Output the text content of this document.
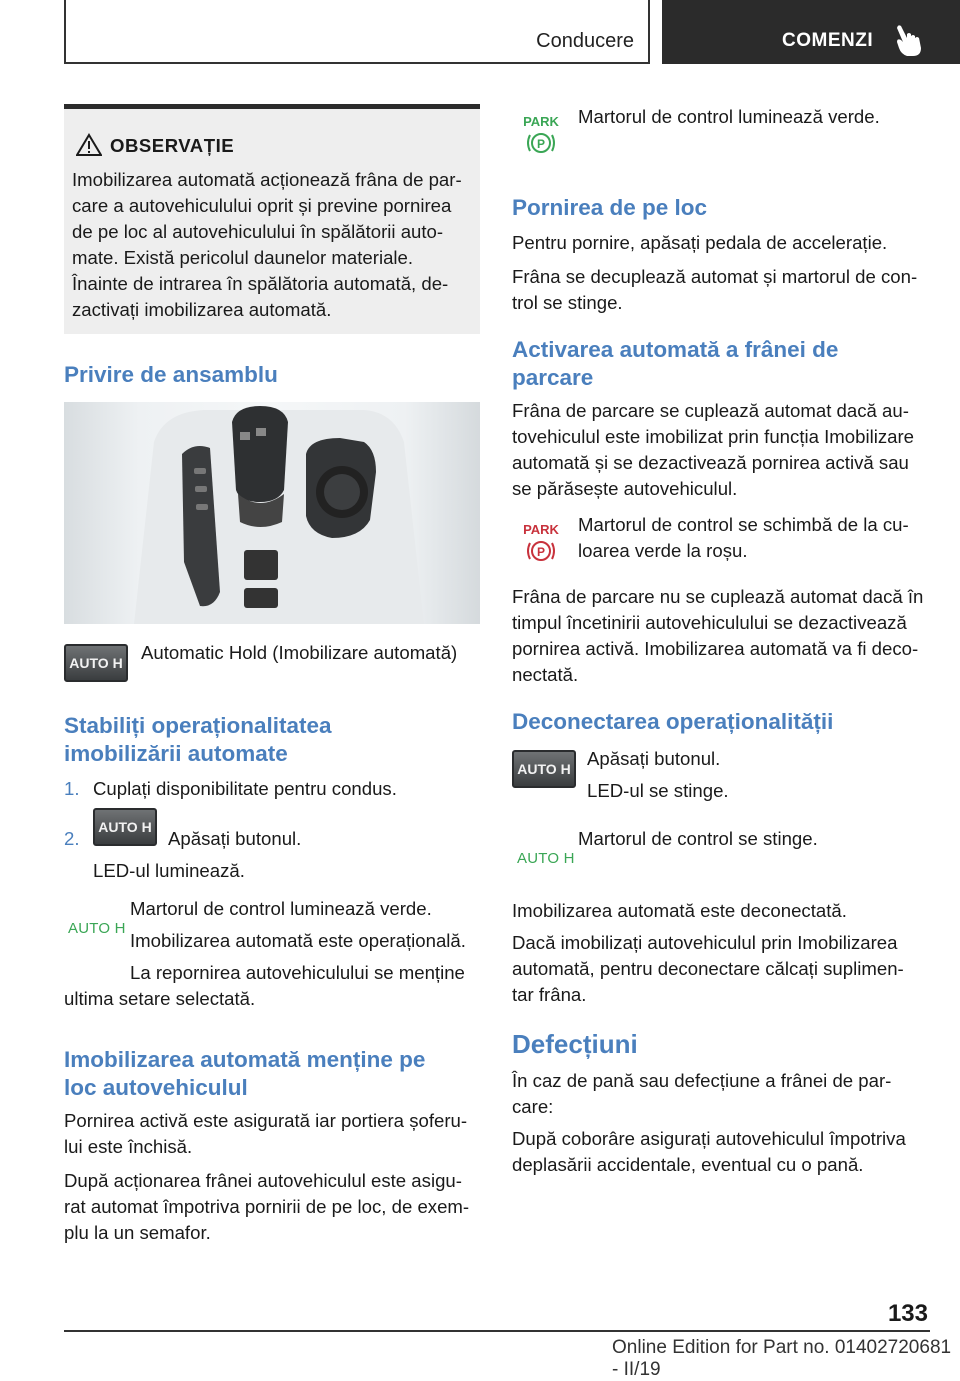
Conducere	COMENZI
OBSERVAȚIE

Imobilizarea automată acționează frâna de par-

care a autovehiculului oprit și previne pornirea

de pe loc al autovehiculului în spălătorii auto-

mate. Există pericolul daunelor materiale.

Înainte de intrarea în spălătoria automată, de-

zactivați imobilizarea automată.

Privire de ansamblu
AUTO H Automatic Hold (Imobilizare automată)

Stabiliți operaționalitatea
imobilizării automate

1. Cuplați disponibilitate pentru condus.

2.

AUTO H

Apăsați butonul.

LED-ul luminează.

AUTO H

Martorul de control luminează verde.

Imobilizarea automată este operațională.

La repornirea autovehiculului se menține

ultima setare selectată.

Imobilizarea automată menține pe
loc autovehiculul

Pornirea activă este asigurată iar portiera șoferu-

lui este închisă.

După acționarea frânei autovehiculul este asigu-

rat automat împotriva pornirii de pe loc, de exem-

plu la un semafor.

PARK
P

Martorul de control luminează verde.

Pornirea de pe loc

Pentru pornire, apăsați pedala de accelerație.

Frâna se decuplează automat și martorul de con-

trol se stinge.

Activarea automată a frânei de
parcare

Frâna de parcare se cuplează automat dacă au-

tovehiculul este imobilizat prin funcția Imobilizare

automată și se dezactivează pornirea activă sau

se părăsește autovehiculul.

PARK
P

Martorul de control se schimbă de la cu-

loarea verde la roșu.

Frâna de parcare nu se cuplează automat dacă în

timpul încetinirii autovehiculului se dezactivează

pornirea activă. Imobilizarea automată va fi deco-

nectată.

Deconectarea operaționalității
AUTO H Apăsați butonul.

LED-ul se stinge.

AUTO H

Martorul de control se stinge.

Imobilizarea automată este deconectată.

Dacă imobilizați autovehiculul prin Imobilizarea

automată, pentru deconectare călcați suplimen-

tar frâna.

Defecțiuni

În caz de pană sau defecțiune a frânei de par-

care:

După coborâre asigurați autovehiculul împotriva

deplasării accidentale, eventual cu o pană.

133
Online Edition for Part no. 01402720681 - II/19
